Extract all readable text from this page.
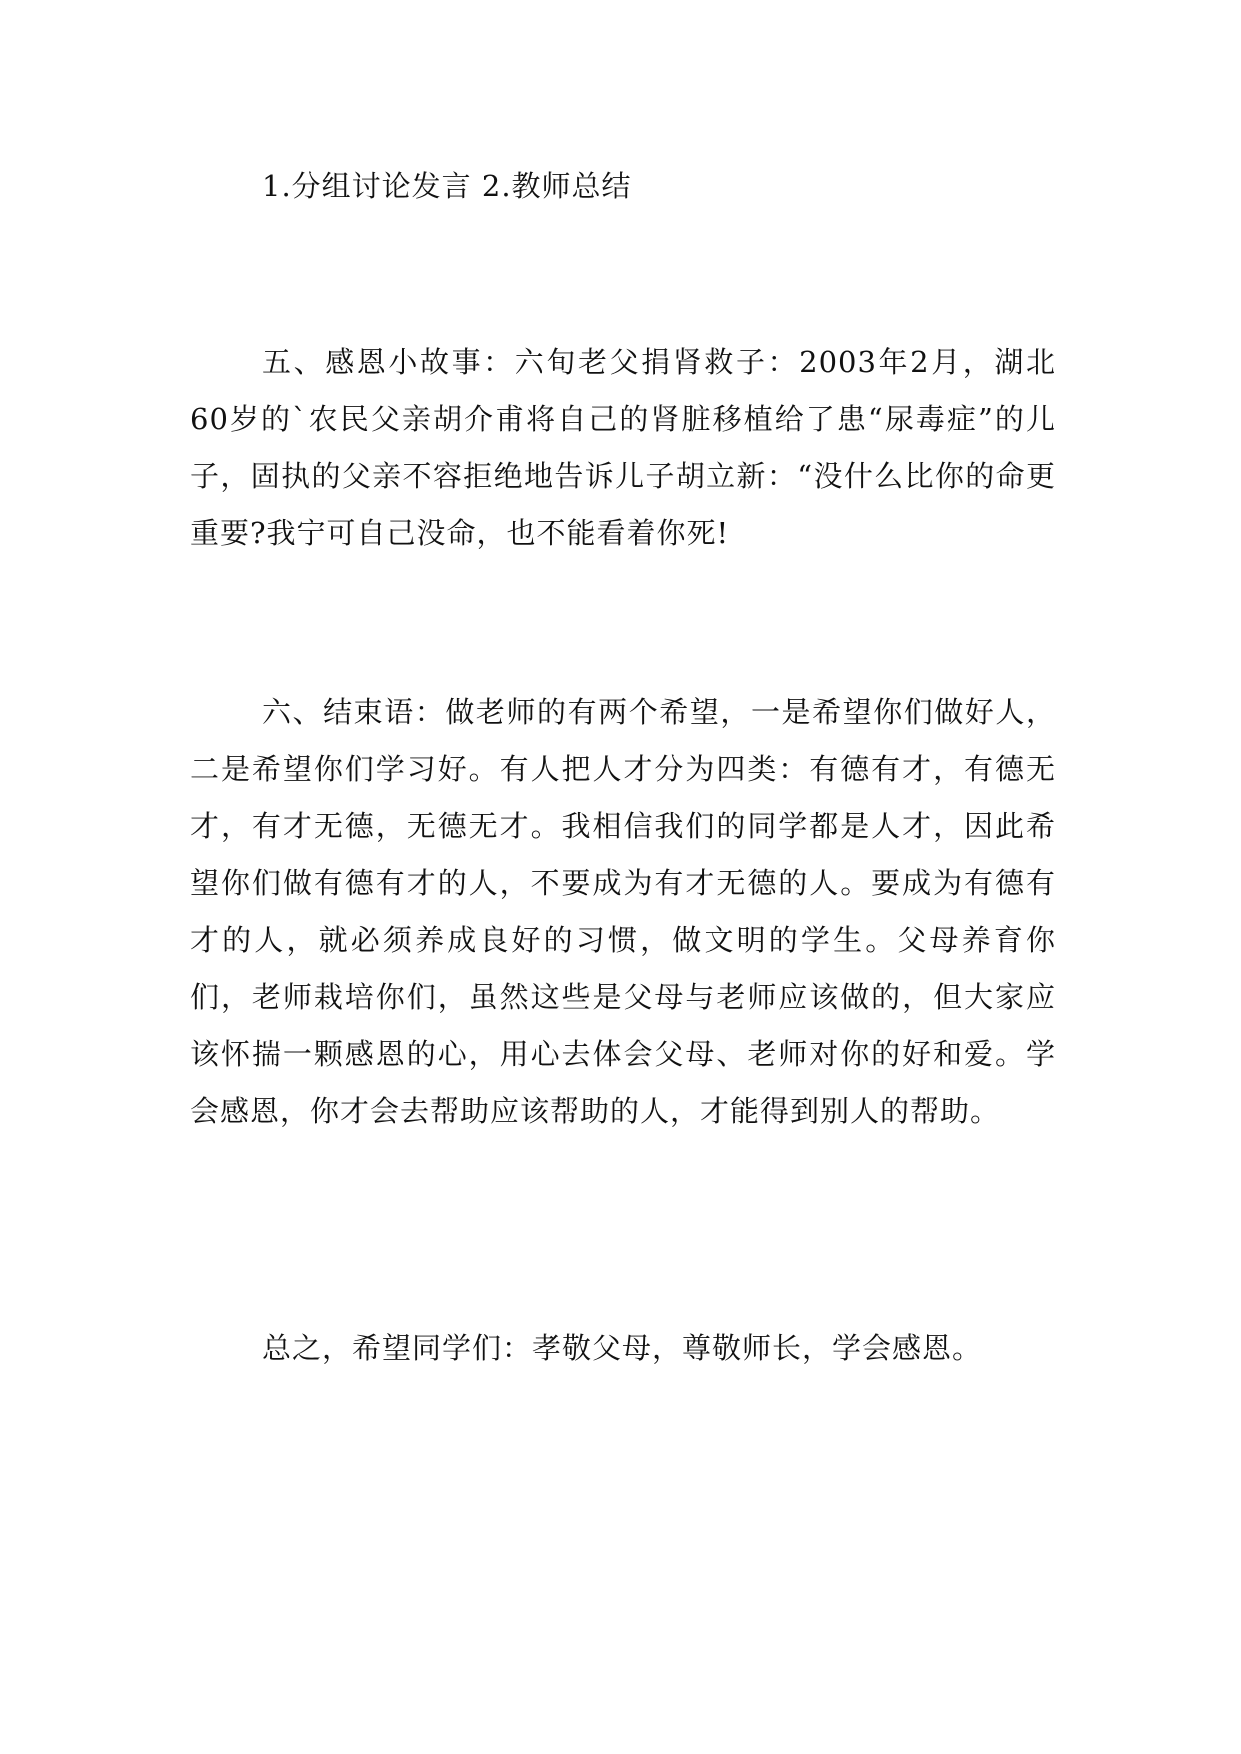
1.分组讨论发言 2.教师总结

五、感恩小故事：六旬老父捐肾救子：2003年2月，湖北60岁的`农民父亲胡介甫将自己的肾脏移植给了患“尿毒症”的儿子，固执的父亲不容拒绝地告诉儿子胡立新：“没什么比你的命更重要?我宁可自己没命，也不能看着你死!

六、结束语：做老师的有两个希望，一是希望你们做好人，二是希望你们学习好。有人把人才分为四类：有德有才，有德无才，有才无德，无德无才。我相信我们的同学都是人才，因此希望你们做有德有才的人，不要成为有才无德的人。要成为有德有才的人，就必须养成良好的习惯，做文明的学生。父母养育你们，老师栽培你们，虽然这些是父母与老师应该做的，但大家应该怀揣一颗感恩的心，用心去体会父母、老师对你的好和爱。学会感恩，你才会去帮助应该帮助的人，才能得到别人的帮助。

总之，希望同学们：孝敬父母，尊敬师长，学会感恩。
